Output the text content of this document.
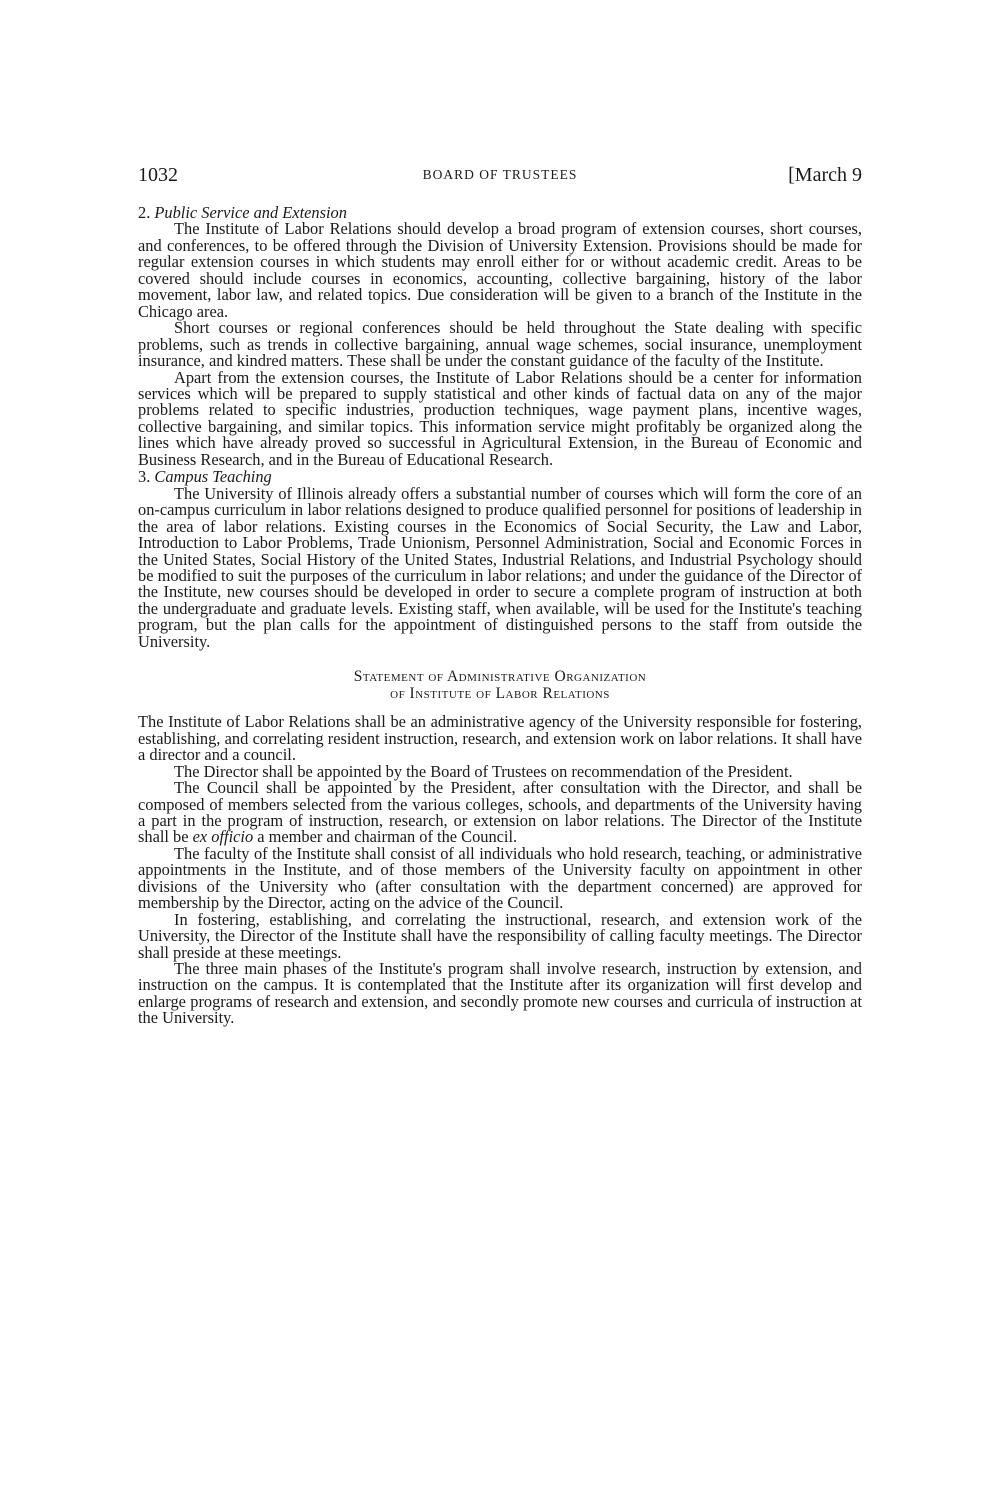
1032	BOARD OF TRUSTEES	[March 9
2. Public Service and Extension

The Institute of Labor Relations should develop a broad program of extension courses, short courses, and conferences, to be offered through the Division of University Extension. Provisions should be made for regular extension courses in which students may enroll either for or without academic credit. Areas to be covered should include courses in economics, accounting, collective bargaining, history of the labor movement, labor law, and related topics. Due consideration will be given to a branch of the Institute in the Chicago area.

Short courses or regional conferences should be held throughout the State dealing with specific problems, such as trends in collective bargaining, annual wage schemes, social insurance, unemployment insurance, and kindred matters. These shall be under the constant guidance of the faculty of the Institute.

Apart from the extension courses, the Institute of Labor Relations should be a center for information services which will be prepared to supply statistical and other kinds of factual data on any of the major problems related to specific industries, production techniques, wage payment plans, incentive wages, collective bargaining, and similar topics. This information service might profitably be organized along the lines which have already proved so successful in Agricultural Extension, in the Bureau of Economic and Business Research, and in the Bureau of Educational Research.

3. Campus Teaching

The University of Illinois already offers a substantial number of courses which will form the core of an on-campus curriculum in labor relations designed to produce qualified personnel for positions of leadership in the area of labor relations. Existing courses in the Economics of Social Security, the Law and Labor, Introduction to Labor Problems, Trade Unionism, Personnel Administration, Social and Economic Forces in the United States, Social History of the United States, Industrial Relations, and Industrial Psychology should be modified to suit the purposes of the curriculum in labor relations; and under the guidance of the Director of the Institute, new courses should be developed in order to secure a complete program of instruction at both the undergraduate and graduate levels. Existing staff, when available, will be used for the Institute's teaching program, but the plan calls for the appointment of distinguished persons to the staff from outside the University.

Statement of Administrative Organization
of Institute of Labor Relations

The Institute of Labor Relations shall be an administrative agency of the University responsible for fostering, establishing, and correlating resident instruction, research, and extension work on labor relations. It shall have a director and a council.

The Director shall be appointed by the Board of Trustees on recommendation of the President.

The Council shall be appointed by the President, after consultation with the Director, and shall be composed of members selected from the various colleges, schools, and departments of the University having a part in the program of instruction, research, or extension on labor relations. The Director of the Institute shall be ex officio a member and chairman of the Council.

The faculty of the Institute shall consist of all individuals who hold research, teaching, or administrative appointments in the Institute, and of those members of the University faculty on appointment in other divisions of the University who (after consultation with the department concerned) are approved for membership by the Director, acting on the advice of the Council.

In fostering, establishing, and correlating the instructional, research, and extension work of the University, the Director of the Institute shall have the responsibility of calling faculty meetings. The Director shall preside at these meetings.

The three main phases of the Institute's program shall involve research, instruction by extension, and instruction on the campus. It is contemplated that the Institute after its organization will first develop and enlarge programs of research and extension, and secondly promote new courses and curricula of instruction at the University.
